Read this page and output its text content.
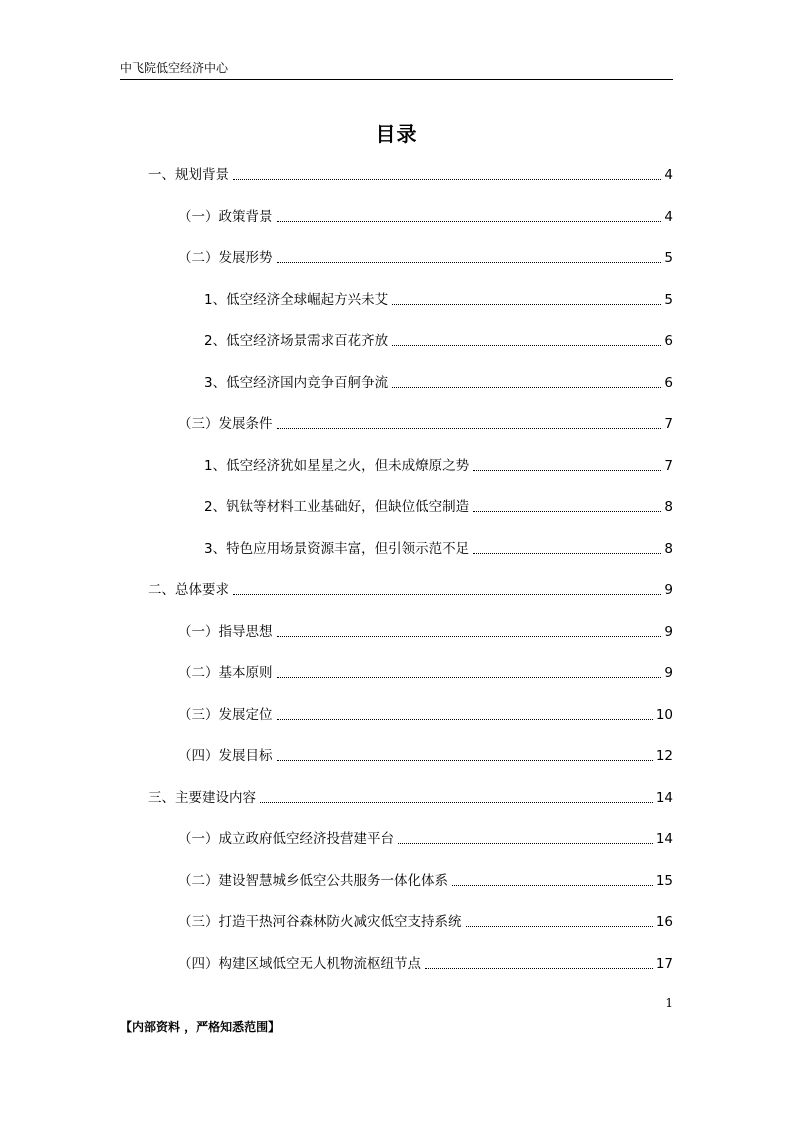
中飞院低空经济中心
目录
一、规划背景	4
（一）政策背景	4
（二）发展形势	5
1、低空经济全球崛起方兴未艾	5
2、低空经济场景需求百花齐放	6
3、低空经济国内竞争百舸争流	6
（三）发展条件	7
1、低空经济犹如星星之火，但未成燎原之势	7
2、钒钛等材料工业基础好，但缺位低空制造	8
3、特色应用场景资源丰富，但引领示范不足	8
二、总体要求	9
（一）指导思想	9
（二）基本原则	9
（三）发展定位	10
（四）发展目标	12
三、主要建设内容	14
（一）成立政府低空经济投营建平台	14
（二）建设智慧城乡低空公共服务一体化体系	15
（三）打造干热河谷森林防火减灾低空支持系统	16
（四）构建区域低空无人机物流枢纽节点	17
1
【内部资料 ，严格知悉范围】
